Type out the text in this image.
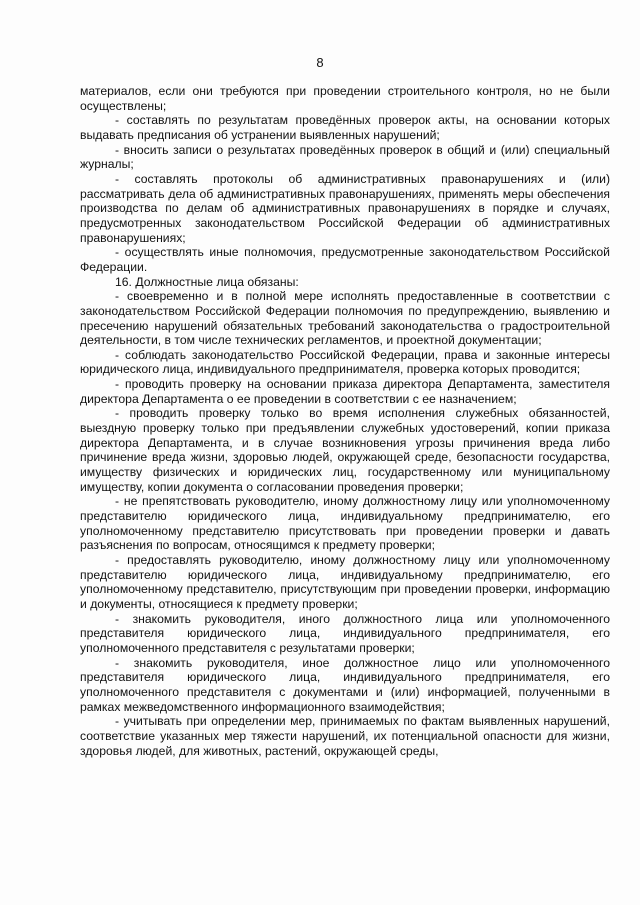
8

материалов, если они требуются при проведении строительного контроля, но не были осуществлены;

- составлять по результатам проведённых проверок акты, на основании которых выдавать предписания об устранении выявленных нарушений;

- вносить записи о результатах проведённых проверок в общий и (или) специальный журналы;

- составлять протоколы об административных правонарушениях и (или) рассматривать дела об административных правонарушениях, применять меры обеспечения производства по делам об административных правонарушениях в порядке и случаях, предусмотренных законодательством Российской Федерации об административных правонарушениях;

- осуществлять иные полномочия, предусмотренные законодательством Российской Федерации.

16. Должностные лица обязаны:

- своевременно и в полной мере исполнять предоставленные в соответствии с законодательством Российской Федерации полномочия по предупреждению, выявлению и пресечению нарушений обязательных требований законодательства о градостроительной деятельности, в том числе технических регламентов, и проектной документации;

- соблюдать законодательство Российской Федерации, права и законные интересы юридического лица, индивидуального предпринимателя, проверка которых проводится;

- проводить проверку на основании приказа директора Департамента, заместителя директора Департамента о ее проведении в соответствии с ее назначением;

- проводить проверку только во время исполнения служебных обязанностей, выездную проверку только при предъявлении служебных удостоверений, копии приказа директора Департамента, и в случае возникновения угрозы причинения вреда либо причинение вреда жизни, здоровью людей, окружающей среде, безопасности государства, имуществу физических и юридических лиц, государственному или муниципальному имуществу, копии документа о согласовании проведения проверки;

- не препятствовать руководителю, иному должностному лицу или уполномоченному представителю юридического лица, индивидуальному предпринимателю, его уполномоченному представителю присутствовать при проведении проверки и давать разъяснения по вопросам, относящимся к предмету проверки;

- предоставлять руководителю, иному должностному лицу или уполномоченному представителю юридического лица, индивидуальному предпринимателю, его уполномоченному представителю, присутствующим при проведении проверки, информацию и документы, относящиеся к предмету проверки;

- знакомить руководителя, иного должностного лица или уполномоченного представителя юридического лица, индивидуального предпринимателя, его уполномоченного представителя с результатами проверки;

- знакомить руководителя, иное должностное лицо или уполномоченного представителя юридического лица, индивидуального предпринимателя, его уполномоченного представителя с документами и (или) информацией, полученными в рамках межведомственного информационного взаимодействия;

- учитывать при определении мер, принимаемых по фактам выявленных нарушений, соответствие указанных мер тяжести нарушений, их потенциальной опасности для жизни, здоровья людей, для животных, растений, окружающей среды,
